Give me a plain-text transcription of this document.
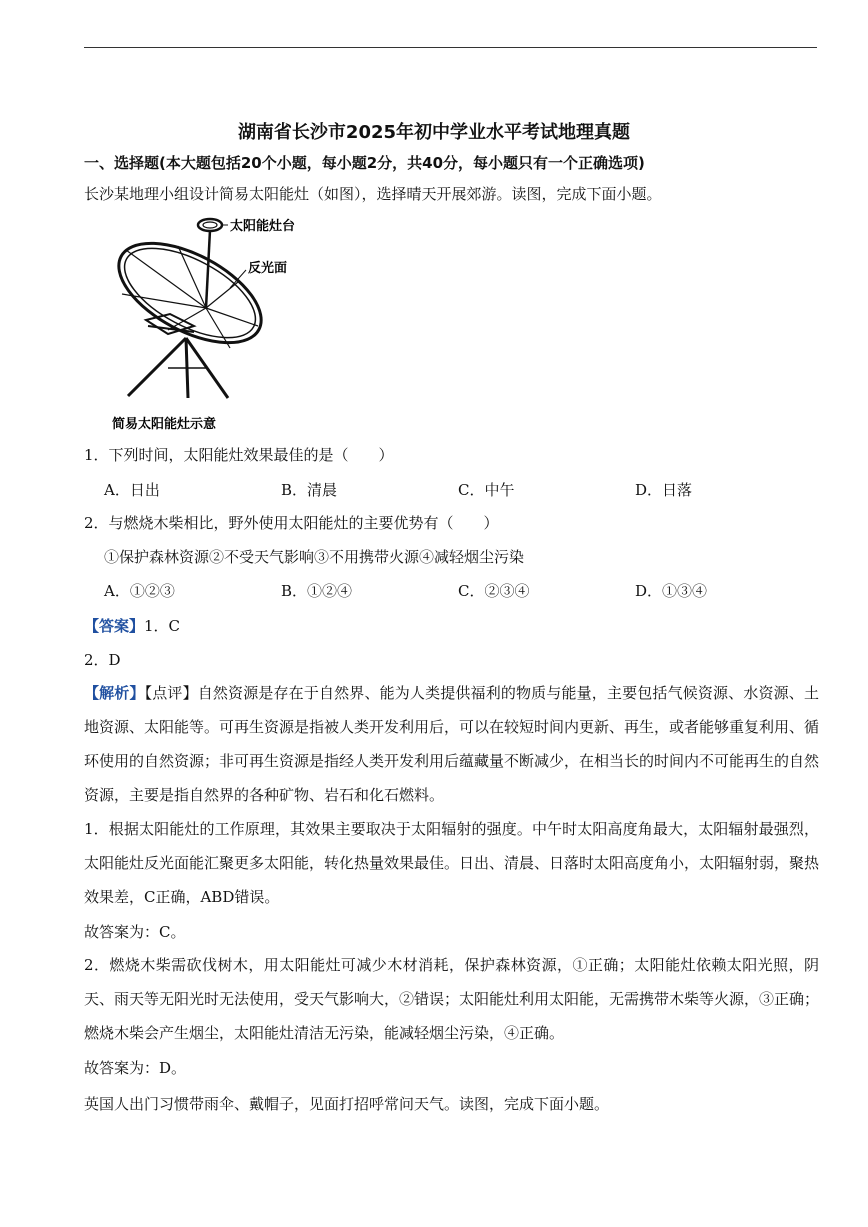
湖南省长沙市2025年初中学业水平考试地理真题
一、选择题(本大题包括20个小题，每小题2分，共40分，每小题只有一个正确选项)
长沙某地理小组设计简易太阳能灶（如图），选择晴天开展郊游。读图，完成下面小题。
太阳能灶台
反光面
简易太阳能灶示意
1．下列时间，太阳能灶效果最佳的是（　　）
A．日出	B．清晨	C．中午	D．日落
2．与燃烧木柴相比，野外使用太阳能灶的主要优势有（　　）
①保护森林资源②不受天气影响③不用携带火源④减轻烟尘污染
A．①②③	B．①②④	C．②③④	D．①③④
【答案】1．C
2．D
【解析】【点评】自然资源是存在于自然界、能为人类提供福利的物质与能量，主要包括气候资源、水资源、土地资源、太阳能等。可再生资源是指被人类开发利用后，可以在较短时间内更新、再生，或者能够重复利用、循环使用的自然资源；非可再生资源是指经人类开发利用后蕴藏量不断减少，在相当长的时间内不可能再生的自然资源，主要是指自然界的各种矿物、岩石和化石燃料。
1．根据太阳能灶的工作原理，其效果主要取决于太阳辐射的强度。中午时太阳高度角最大，太阳辐射最强烈，太阳能灶反光面能汇聚更多太阳能，转化热量效果最佳。日出、清晨、日落时太阳高度角小，太阳辐射弱，聚热效果差，C正确，ABD错误。
故答案为：C。
2．燃烧木柴需砍伐树木，用太阳能灶可减少木材消耗，保护森林资源，①正确；太阳能灶依赖太阳光照，阴天、雨天等无阳光时无法使用，受天气影响大，②错误；太阳能灶利用太阳能，无需携带木柴等火源，③正确；燃烧木柴会产生烟尘，太阳能灶清洁无污染，能减轻烟尘污染，④正确。
故答案为：D。
英国人出门习惯带雨伞、戴帽子，见面打招呼常问天气。读图，完成下面小题。
